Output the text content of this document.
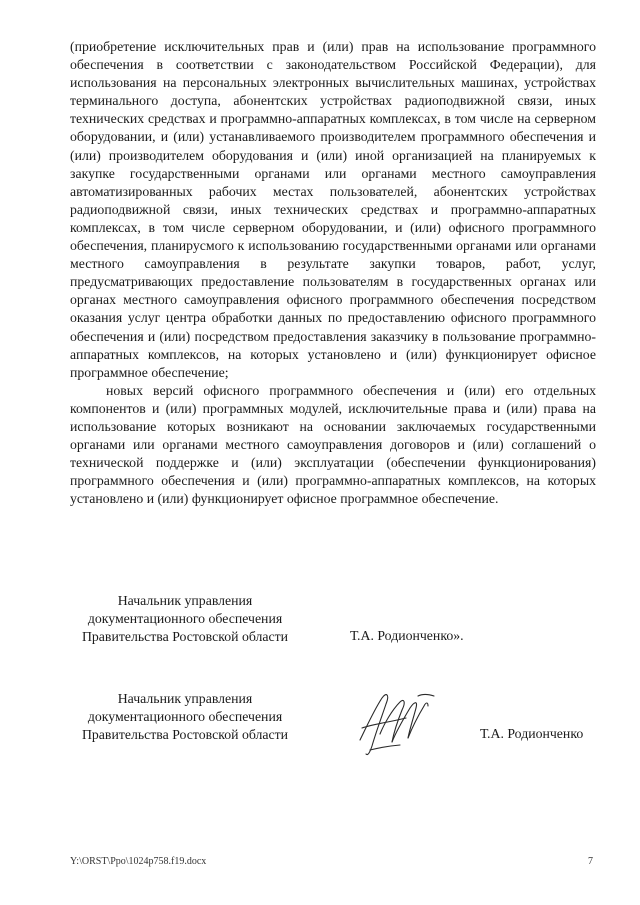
(приобретение исключительных прав и (или) прав на использование программного обеспечения в соответствии с законодательством Российской Федерации), для использования на персональных электронных вычислительных машинах, устройствах терминального доступа, абонентских устройствах радиоподвижной связи, иных технических средствах и программно-аппаратных комплексах, в том числе на серверном оборудовании, и (или) устанавливаемого производителем программного обеспечения и (или) производителем оборудования и (или) иной организацией на планируемых к закупке государственными органами или органами местного самоуправления автоматизированных рабочих местах пользователей, абонентских устройствах радиоподвижной связи, иных технических средствах и программно-аппаратных комплексах, в том числе серверном оборудовании, и (или) офисного программного обеспечения, планирусмого к использованию государственными органами или органами местного самоуправления в результате закупки товаров, работ, услуг, предусматривающих предоставление пользователям в государственных органах или органах местного самоуправления офисного программного обеспечения посредством оказания услуг центра обработки данных по предоставлению офисного программного обеспечения и (или) посредством предоставления заказчику в пользование программно-аппаратных комплексов, на которых установлено и (или) функционирует офисное программное обеспечение;

новых версий офисного программного обеспечения и (или) его отдельных компонентов и (или) программных модулей, исключительные права и (или) права на использование которых возникают на основании заключаемых государственными органами или органами местного самоуправления договоров и (или) соглашений о технической поддержке и (или) эксплуатации (обеспечении функционирования) программного обеспечения и (или) программно-аппаратных комплексов, на которых установлено и (или) функционирует офисное программное обеспечение.

Начальник управления
документационного обеспечения
Правительства Ростовской области	Т.А. Родионченко».
Начальник управления
документационного обеспечения
Правительства Ростовской области	Т.А. Родионченко
Y:\ORST\Ppo\1024p758.f19.docx	7
